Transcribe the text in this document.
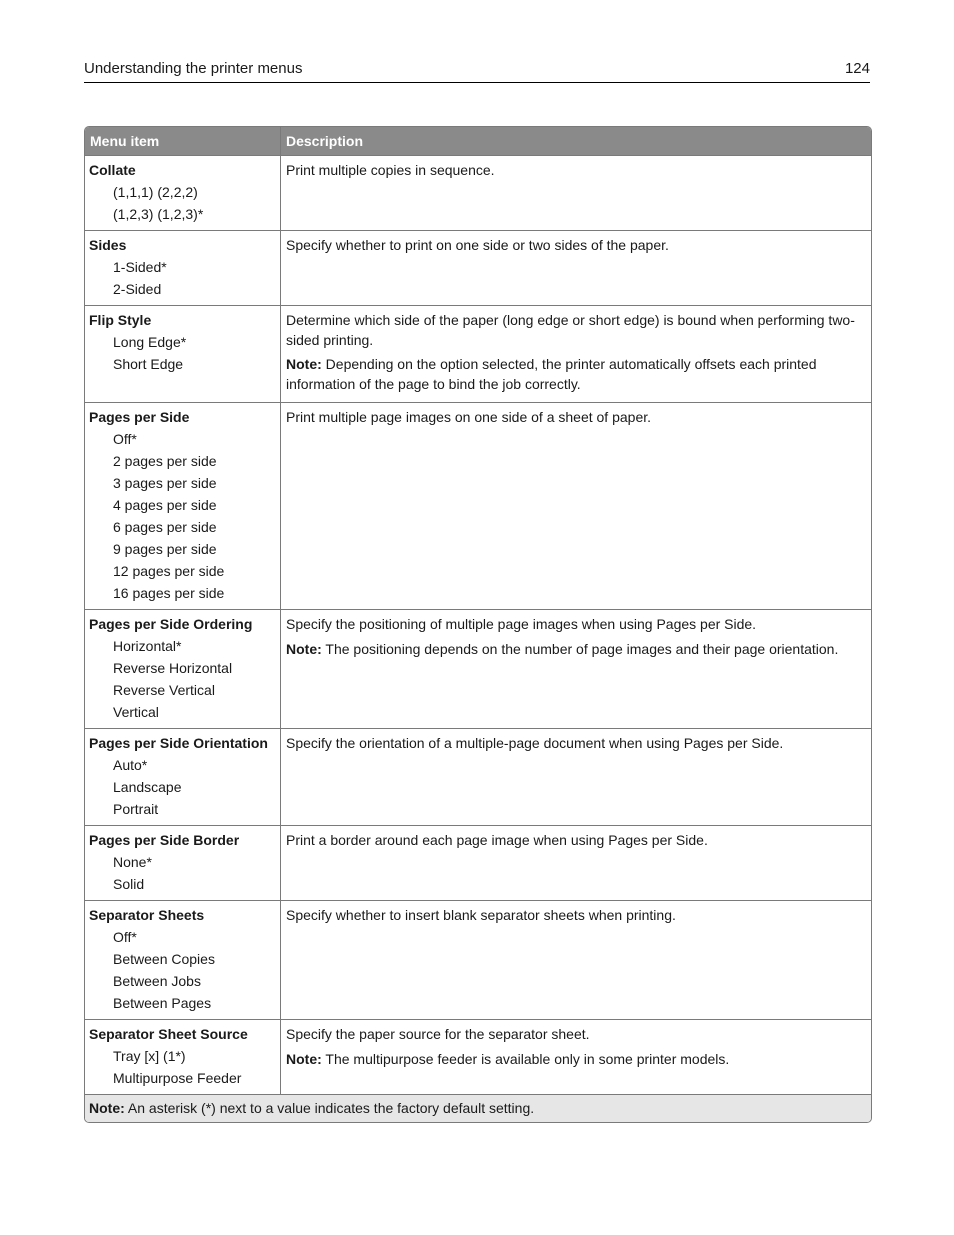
Understanding the printer menus	124
Menu item	Description
Collate
(1,1,1) (2,2,2)
(1,2,3) (1,2,3)*

Print multiple copies in sequence.

Sides
1-Sided*
2-Sided

Specify whether to print on one side or two sides of the paper.

Flip Style
Long Edge*
Short Edge

Determine which side of the paper (long edge or short edge) is bound when performing two-sided printing.

Note: Depending on the option selected, the printer automatically offsets each printed information of the page to bind the job correctly.

Pages per Side
Off*
2 pages per side
3 pages per side
4 pages per side
6 pages per side
9 pages per side
12 pages per side
16 pages per side

Print multiple page images on one side of a sheet of paper.

Pages per Side Ordering
Horizontal*
Reverse Horizontal
Reverse Vertical
Vertical

Specify the positioning of multiple page images when using Pages per Side.

Note: The positioning depends on the number of page images and their page orientation.

Pages per Side Orientation
Auto*
Landscape
Portrait

Specify the orientation of a multiple-page document when using Pages per Side.

Pages per Side Border
None*
Solid

Print a border around each page image when using Pages per Side.

Separator Sheets
Off*
Between Copies
Between Jobs
Between Pages

Specify whether to insert blank separator sheets when printing.

Separator Sheet Source
Tray [x] (1*)
Multipurpose Feeder

Specify the paper source for the separator sheet.

Note: The multipurpose feeder is available only in some printer models.

Note: An asterisk (*) next to a value indicates the factory default setting.
